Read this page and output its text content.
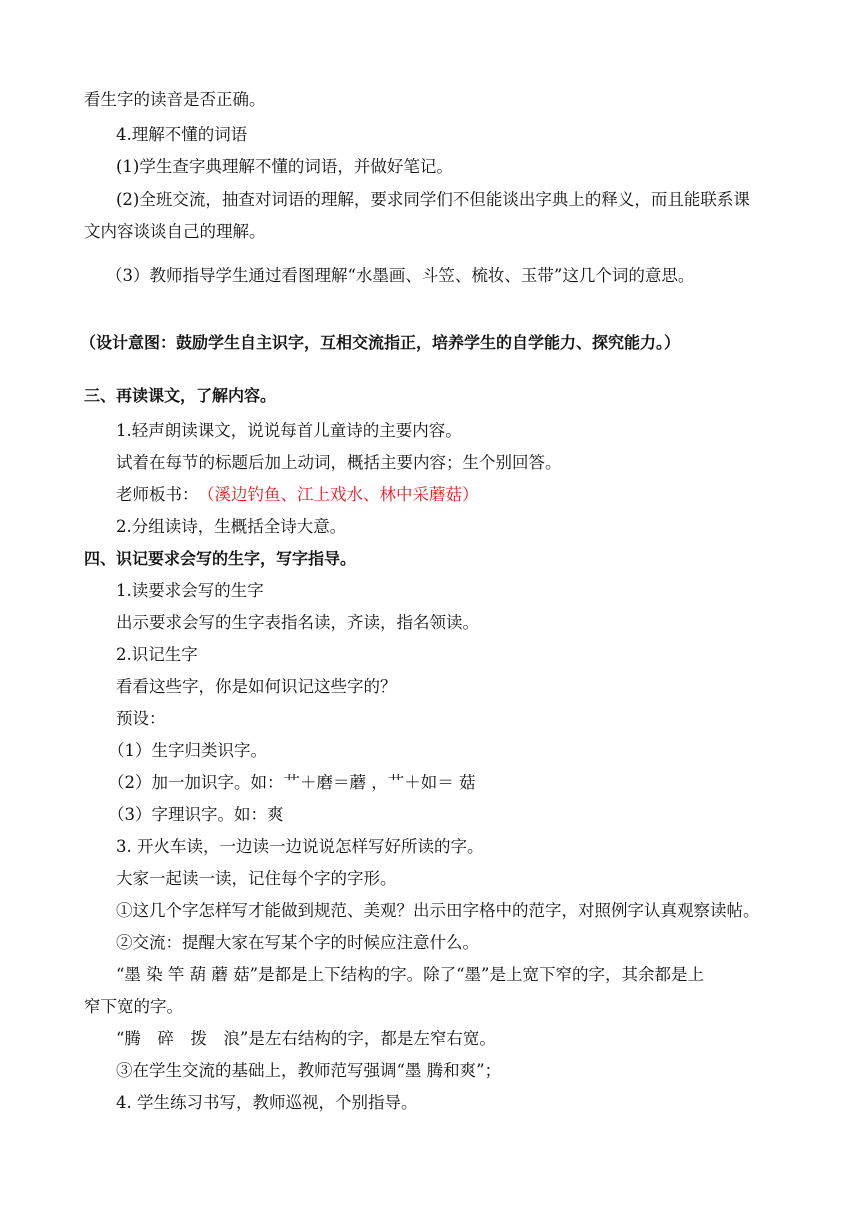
看生字的读音是否正确。
4.理解不懂的词语
(1)学生查字典理解不懂的词语，并做好笔记。
(2)全班交流，抽查对词语的理解，要求同学们不但能谈出字典上的释义，而且能联系课
文内容谈谈自己的理解。
（3）教师指导学生通过看图理解“水墨画、斗笠、梳妆、玉带”这几个词的意思。
（设计意图：鼓励学生自主识字，互相交流指正，培养学生的自学能力、探究能力。）
三、再读课文，了解内容。
1.轻声朗读课文，说说每首儿童诗的主要内容。
试着在每节的标题后加上动词，概括主要内容；生个别回答。
老师板书： （溪边钓鱼、江上戏水、林中采蘑菇）
2.分组读诗，生概括全诗大意。
四、识记要求会写的生字，写字指导。
1.读要求会写的生字
出示要求会写的生字表指名读，齐读，指名领读。
2.识记生字
看看这些字，你是如何识记这些字的？
预设：
（1）生字归类识字。
（2）加一加识字。如：艹＋磨＝蘑 ，艹＋如＝ 菇
（3）字理识字。如：爽
3. 开火车读，一边读一边说说怎样写好所读的字。
大家一起读一读，记住每个字的字形。
①这几个字怎样写才能做到规范、美观？出示田字格中的范字，对照例字认真观察读帖。
②交流：提醒大家在写某个字的时候应注意什么。
“墨 染 竿 葫 蘑 菇”是都是上下结构的字。除了“墨”是上宽下窄的字，其余都是上
窄下宽的字。
“腾　碎　拨　浪”是左右结构的字，都是左窄右宽。
③在学生交流的基础上，教师范写强调“墨 腾和爽”；
4. 学生练习书写，教师巡视，个别指导。
